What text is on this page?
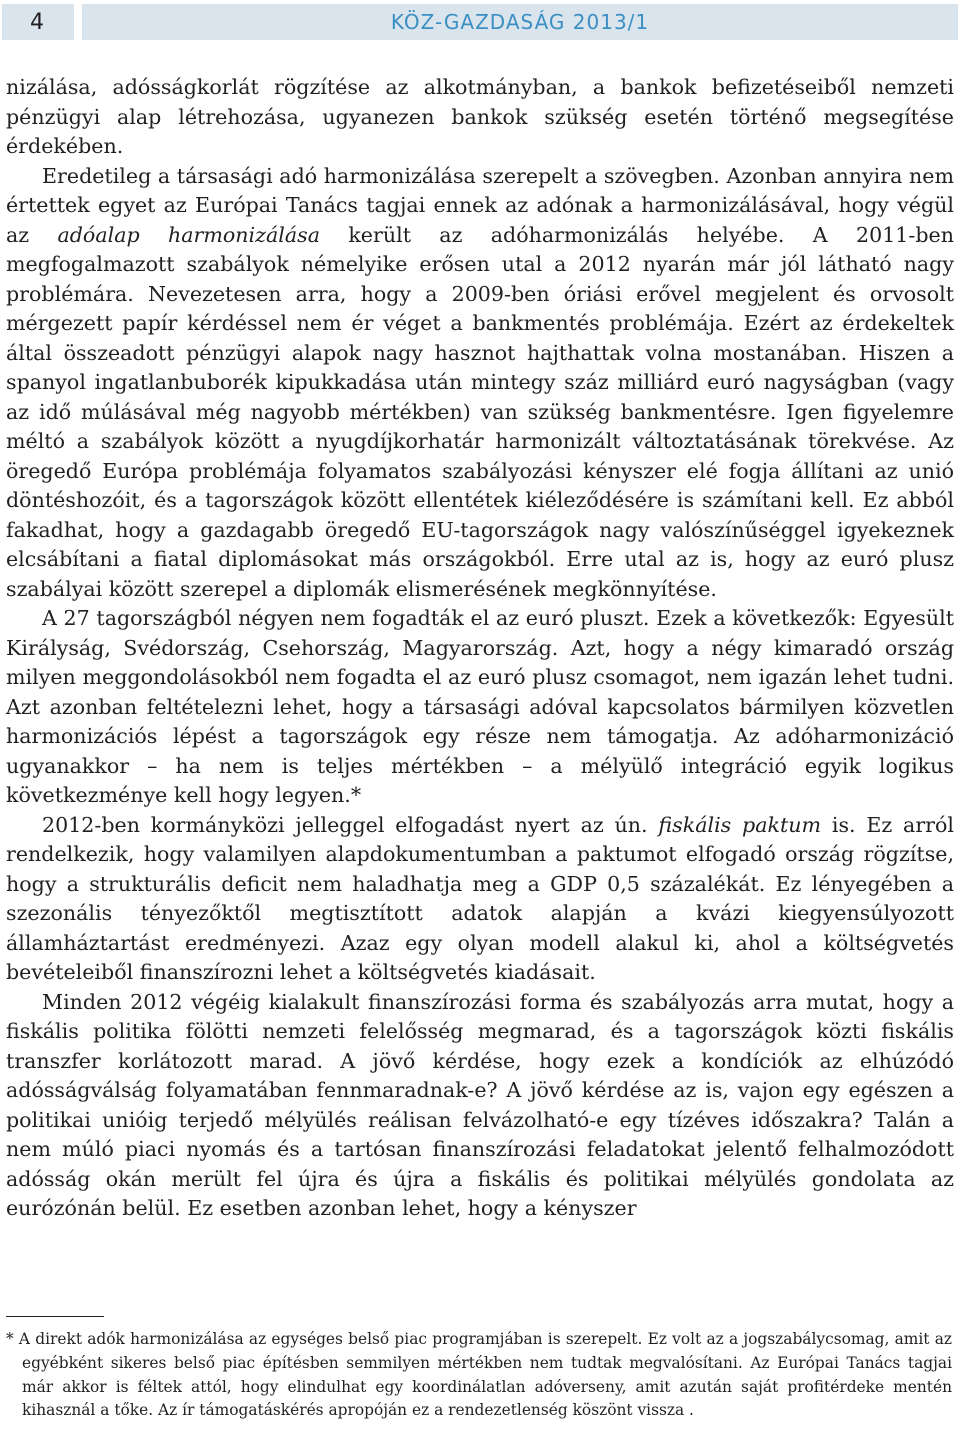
4	KÖZ-GAZDASÁG 2013/1

nizálása, adósságkorlát rögzítése az alkotmányban, a bankok befizetéseiből nemzeti pénzügyi alap létrehozása, ugyanezen bankok szükség esetén történő megsegítése érdekében.

Eredetileg a társasági adó harmonizálása szerepelt a szövegben. Azonban annyira nem értettek egyet az Európai Tanács tagjai ennek az adónak a harmonizálásával, hogy végül az adóalap harmonizálása került az adóharmonizálás helyébe. A 2011-ben megfogalmazott szabályok némelyike erősen utal a 2012 nyarán már jól látható nagy problémára. Nevezetesen arra, hogy a 2009-ben óriási erővel megjelent és orvosolt mérgezett papír kérdéssel nem ér véget a bankmentés problémája. Ezért az érdekeltek által összeadott pénzügyi alapok nagy hasznot hajthattak volna mostanában. Hiszen a spanyol ingatlanbuborék kipukkadása után mintegy száz milliárd euró nagyságban (vagy az idő múlásával még nagyobb mértékben) van szükség bankmentésre. Igen figyelemre méltó a szabályok között a nyugdíjkorhatár harmonizált változtatásának törekvése. Az öregedő Európa problémája folyamatos szabályozási kényszer elé fogja állítani az unió döntéshozóit, és a tagországok között ellentétek kiéleződésére is számítani kell. Ez abból fakadhat, hogy a gazdagabb öregedő EU-tagországok nagy valószínűséggel igyekeznek elcsábítani a fiatal diplomásokat más országokból. Erre utal az is, hogy az euró plusz szabályai között szerepel a diplomák elismerésének megkönnyítése.

A 27 tagországból négyen nem fogadták el az euró pluszt. Ezek a következők: Egyesült Királyság, Svédország, Csehország, Magyarország. Azt, hogy a négy kimaradó ország milyen meggondolásokból nem fogadta el az euró plusz csomagot, nem igazán lehet tudni. Azt azonban feltételezni lehet, hogy a társasági adóval kapcsolatos bármilyen közvetlen harmonizációs lépést a tagországok egy része nem támogatja. Az adóharmonizáció ugyanakkor – ha nem is teljes mértékben – a mélyülő integráció egyik logikus következménye kell hogy legyen.*

2012-ben kormányközi jelleggel elfogadást nyert az ún. fiskális paktum is. Ez arról rendelkezik, hogy valamilyen alapdokumentumban a paktumot elfogadó ország rögzítse, hogy a strukturális deficit nem haladhatja meg a GDP 0,5 százalékát. Ez lényegében a szezonális tényezőktől megtisztított adatok alapján a kvázi kiegyensúlyozott államháztartást eredményezi. Azaz egy olyan modell alakul ki, ahol a költségvetés bevételeiből finanszírozni lehet a költségvetés kiadásait.

Minden 2012 végéig kialakult finanszírozási forma és szabályozás arra mutat, hogy a fiskális politika fölötti nemzeti felelősség megmarad, és a tagországok közti fiskális transzfer korlátozott marad. A jövő kérdése, hogy ezek a kondíciók az elhúzódó adósságválság folyamatában fennmaradnak-e? A jövő kérdése az is, vajon egy egészen a politikai unióig terjedő mélyülés reálisan felvázolható-e egy tízéves időszakra? Talán a nem múló piaci nyomás és a tartósan finanszírozási feladatokat jelentő felhalmozódott adósság okán merült fel újra és újra a fiskális és politikai mélyülés gondolata az eurózónán belül. Ez esetben azonban lehet, hogy a kényszer

* A direkt adók harmonizálása az egységes belső piac programjában is szerepelt. Ez volt az a jogszabálycsomag, amit az egyébként sikeres belső piac építésben semmilyen mértékben nem tudtak megvalósítani. Az Európai Tanács tagjai már akkor is féltek attól, hogy elindulhat egy koordinálatlan adóverseny, amit azután saját profitérdeke mentén kihasznál a tőke. Az ír támogatáskérés apropóján ez a rendezetlenség köszönt vissza .
